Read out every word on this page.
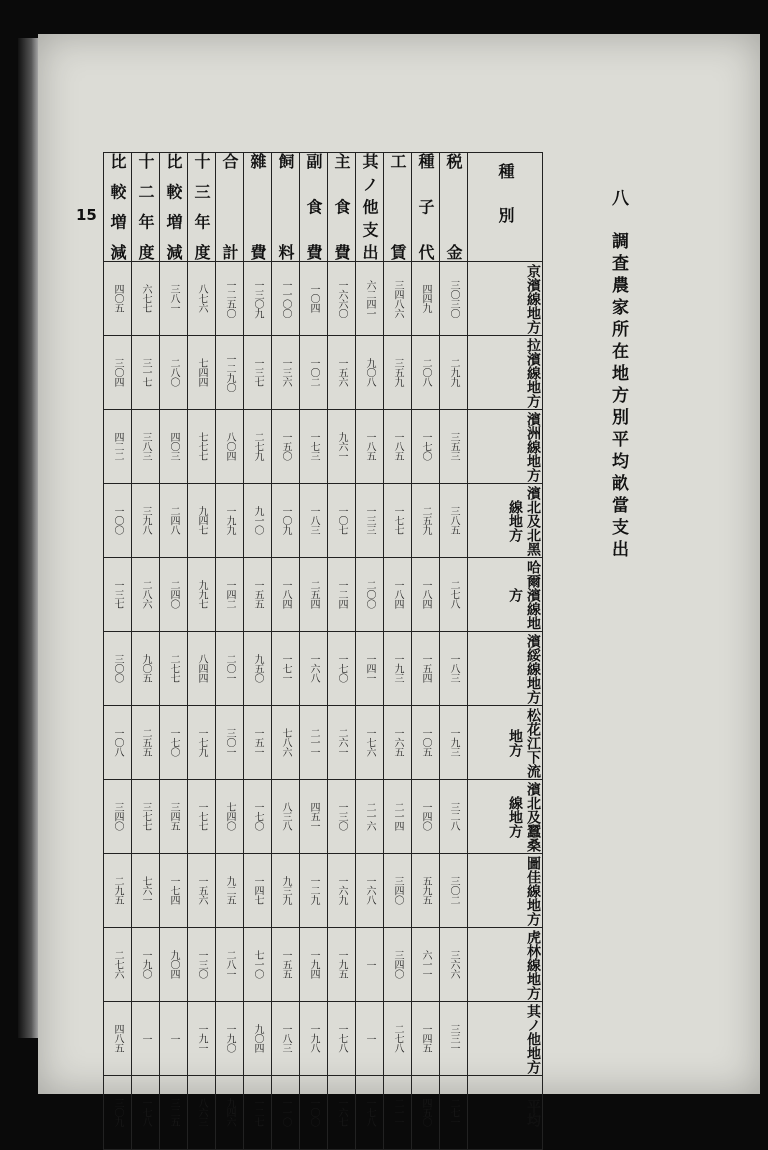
15
八
調査農家所在地方別平均畝當支出
比較増減	十二年度	比較増減	十三年度	合計	雜費	飼料	副食費	主食費	其ノ他支出	工賃	種子代	税金	種別

四〇五	六七七	三八一	八七六	一二五〇	一三〇九	一一〇〇	一〇四	一六六〇	六二四一	三四八六	四四九	三〇三〇	京濱線地方

三〇四	三一七	二八〇	七四四	一二九〇	一三七	一三六	一〇二	一五六	九〇八	三五九	二〇八	二九九	拉濱線地方

四二二	三八三	四〇三	七七七	八〇四	二七九	一五〇	一七三	九六一	一八五	一八五	一七〇	三五三	濱洲線地方

一〇〇	三九八	二四八	九四七	一九九	九一〇	一〇九	一八三	一〇七	一三三	一七七	二五九	三八五	濱北及北黑線地方

一三七	二八六	二四〇	九九七	一四二	一五五	一八四	二五四	一二四	二〇〇	一八四	一八四	二七八	哈爾濱線地方

三〇〇	九〇五	二七七	八四四	二〇一	九五〇	一七一	一六八	一七〇	一四一	一九三	一五四	一八三	濱綏線地方

一〇八	二五五	一七〇	一七九	三〇一	一五一	七八六	二一一	二六一	一七六	一六五	一〇五	一九三	松花江下流地方

三四〇	三七七	三四五	一七七	七四〇	一七〇	八三八	四五一	一三〇	二一六	二一四	一四〇	三二八	濱北及蠶桑線地方

二九五	七六一	一七四	一五六	九二五	一四七	九三九	一二九	一六九	一六八	三四〇	五九五	三〇二	圖佳線地方

二七六	一九〇	九〇四	一三〇	二八一	七一〇	一五五	一九四	一九五	一	三四〇	六一一	三六六	虎林線地方

四八五	一	一	一九一	一九〇	九〇四	一八三	一九八	一七八	一	二七八	一四五	三三一	其ノ他地方

三〇九	一七八	三二五	八六三	九四六	一二七	一一〇	一〇〇	一六七	一七八	二一一	四五〇	二七一	平均
